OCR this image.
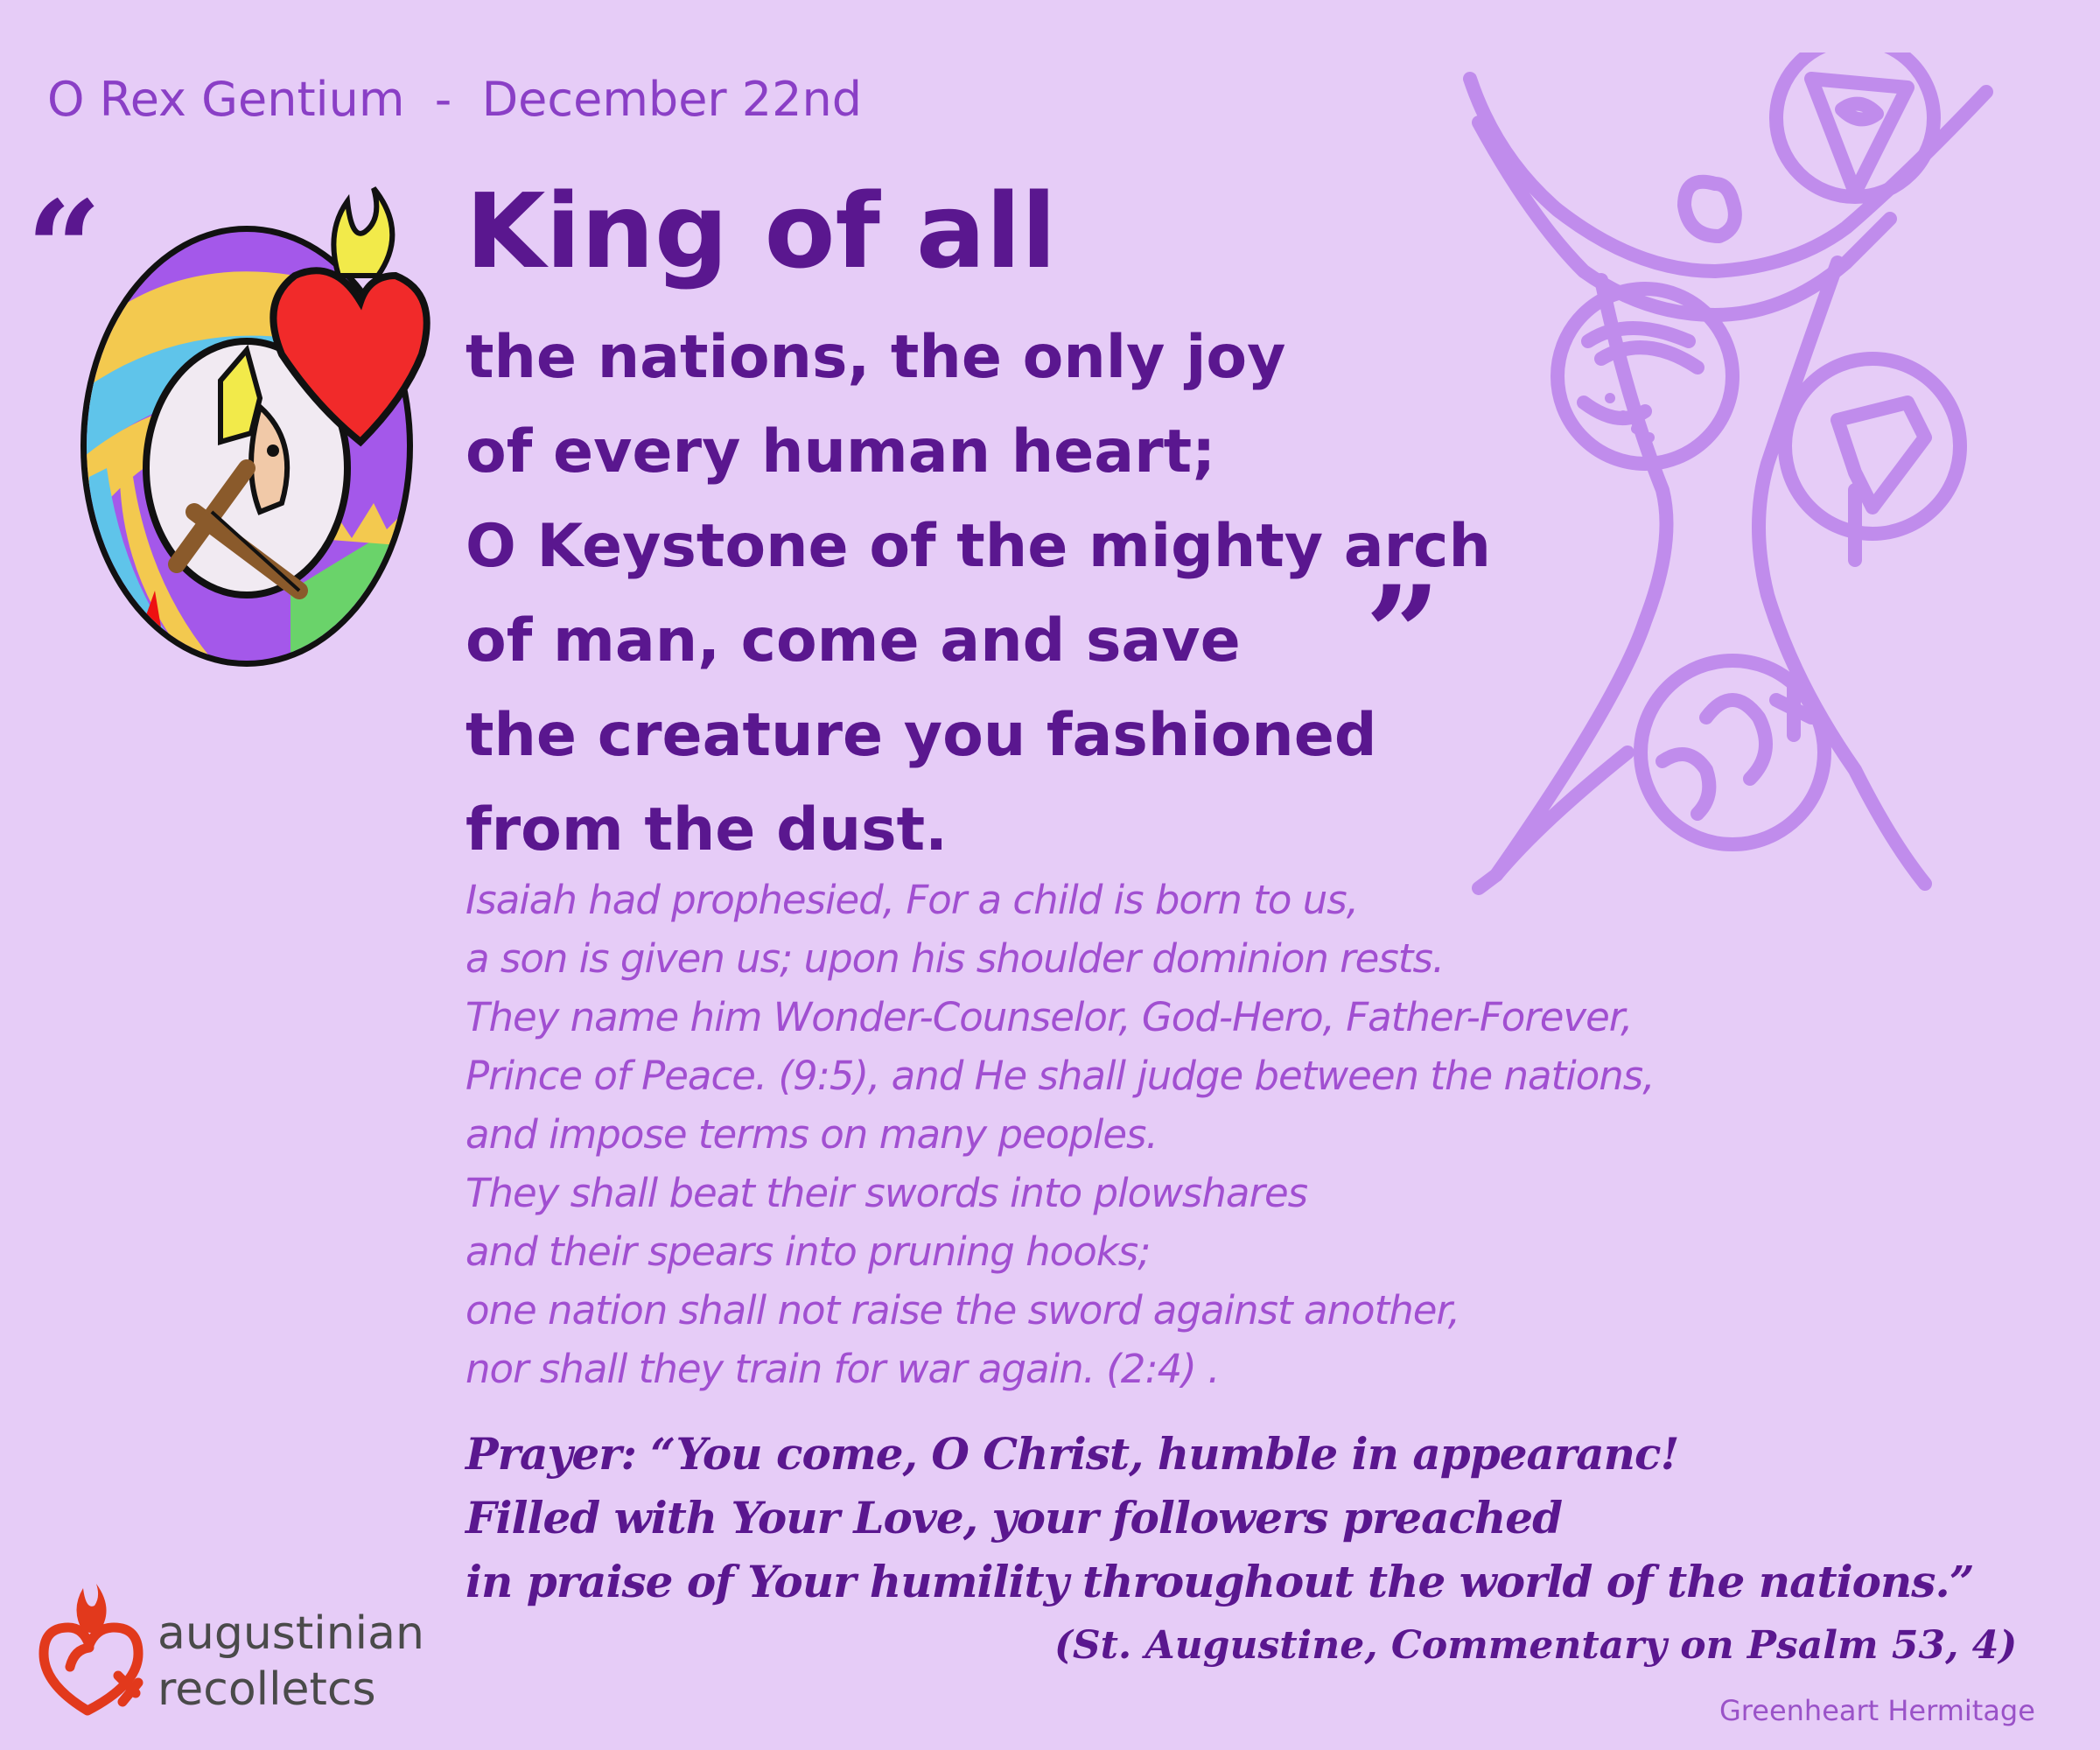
O Rex Gentium  -  December 22nd
“
”
King of all
the nations, the only joy
of every human heart;
O Keystone of the mighty arch
of man, come and save
the creature you fashioned
from the dust.
Isaiah had prophesied, For a child is born to us,
a son is given us; upon his shoulder dominion rests.
They name him Wonder-Counselor, God-Hero, Father-Forever,
Prince of Peace. (9:5), and He shall judge between the nations,
and impose terms on many peoples.
They shall beat their swords into plowshares
and their spears into pruning hooks;
one nation shall not raise the sword against another,
nor shall they train for war again. (2:4) .
Prayer: “You come, O Christ, humble in appearanc!
Filled with Your Love, your followers preached
in praise of Your humility throughout the world of the nations.”
(St. Augustine, Commentary on Psalm 53, 4)
augustinian
recolletcs	Greenheart Hermitage
